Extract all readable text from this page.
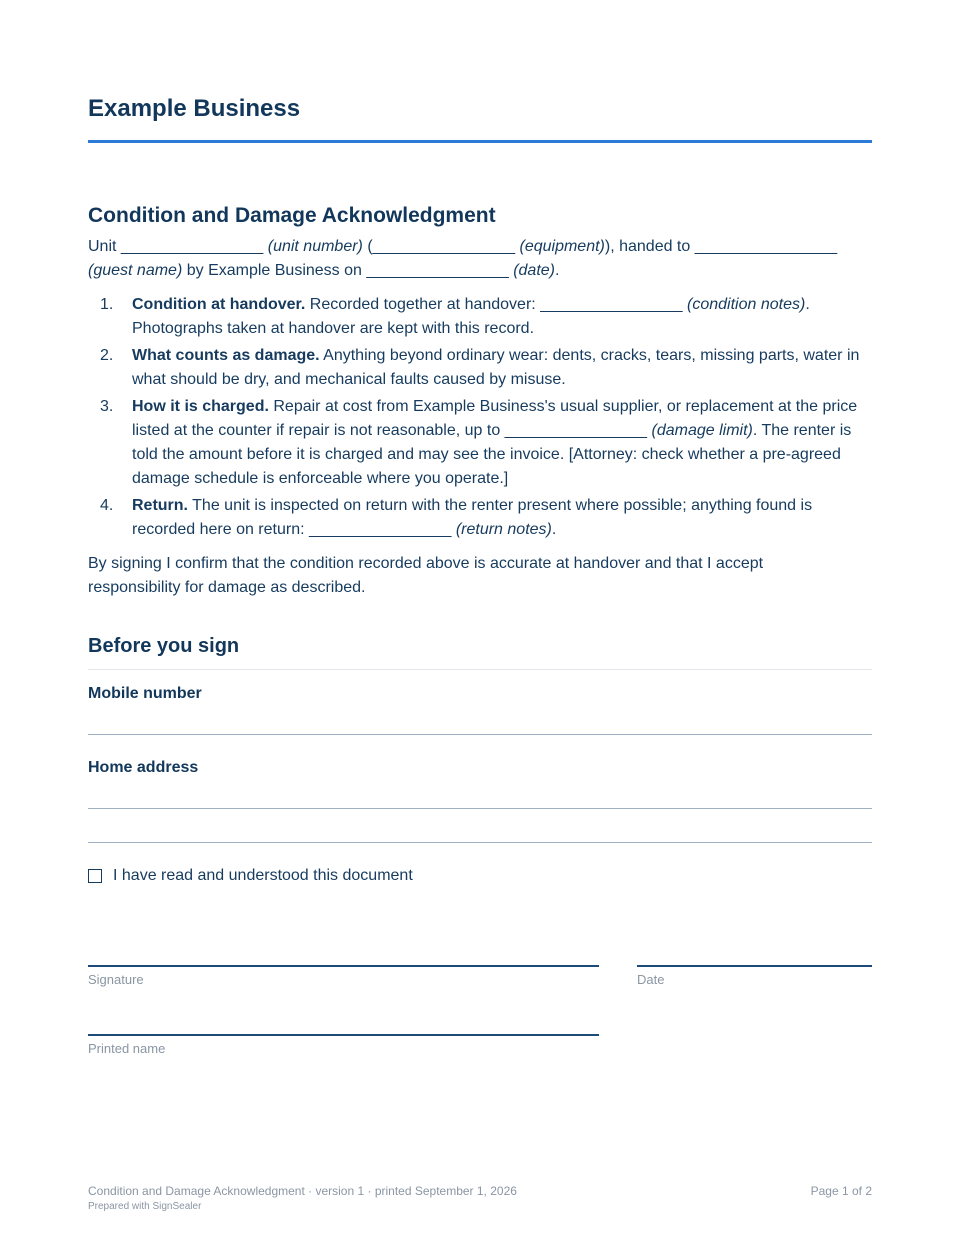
Example Business
Condition and Damage Acknowledgment

Unit ________________ (unit number) (________________ (equipment)), handed to ________________ (guest name) by Example Business on ________________ (date).

1. Condition at handover. Recorded together at handover: ________________ (condition notes). Photographs taken at handover are kept with this record.
2. What counts as damage. Anything beyond ordinary wear: dents, cracks, tears, missing parts, water in what should be dry, and mechanical faults caused by misuse.
3. How it is charged. Repair at cost from Example Business's usual supplier, or replacement at the price listed at the counter if repair is not reasonable, up to ________________ (damage limit). The renter is told the amount before it is charged and may see the invoice. [Attorney: check whether a pre-agreed damage schedule is enforceable where you operate.]
4. Return. The unit is inspected on return with the renter present where possible; anything found is recorded here on return: ________________ (return notes).

By signing I confirm that the condition recorded above is accurate at handover and that I accept responsibility for damage as described.

Before you sign
Mobile number
Home address
I have read and understood this document
Signature	Date
Printed name
Condition and Damage Acknowledgment · version 1 · printed September 1, 2026
Prepared with SignSealer
Page 1 of 2
